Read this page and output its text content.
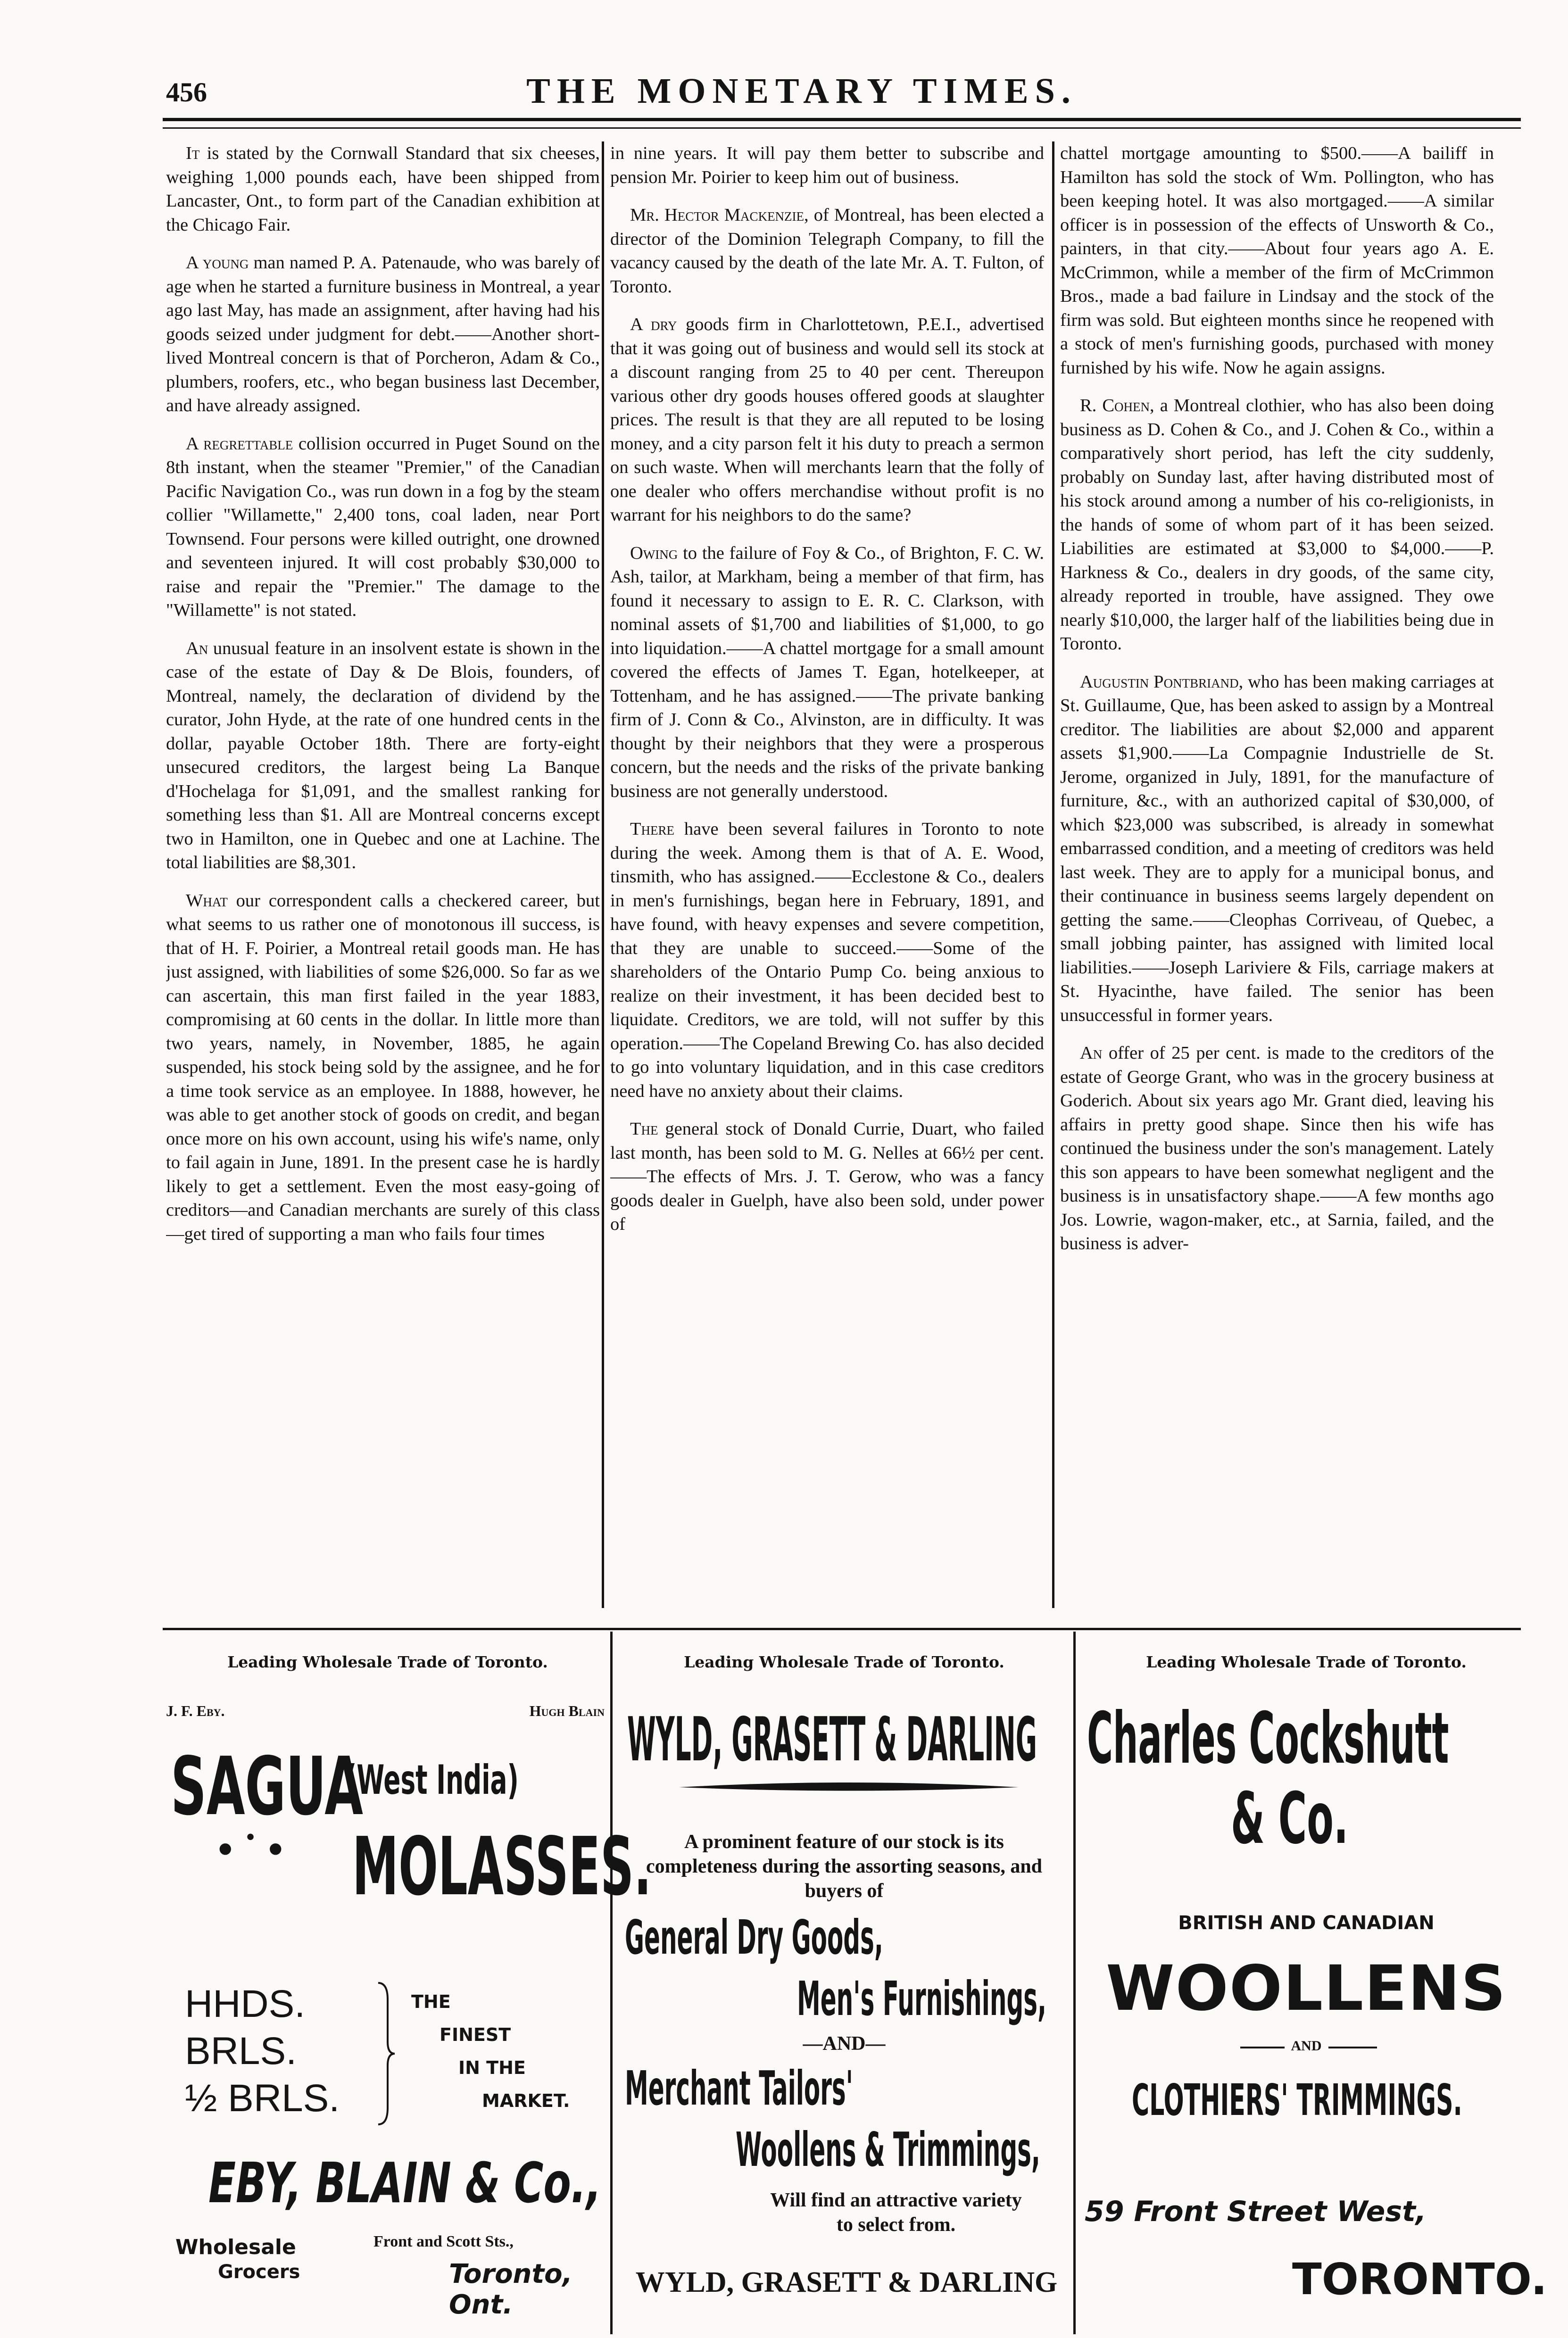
456	THE MONETARY TIMES.

It is stated by the Cornwall Standard that six cheeses, weighing 1,000 pounds each, have been shipped from Lancaster, Ont., to form part of the Canadian exhibition at the Chicago Fair.

A young man named P. A. Patenaude, who was barely of age when he started a furniture business in Montreal, a year ago last May, has made an assignment, after having had his goods seized under judgment for debt.——Another short-lived Montreal concern is that of Porcheron, Adam & Co., plumbers, roofers, etc., who began business last December, and have already assigned.

A regrettable collision occurred in Puget Sound on the 8th instant, when the steamer "Premier," of the Canadian Pacific Navigation Co., was run down in a fog by the steam collier "Willamette," 2,400 tons, coal laden, near Port Townsend. Four persons were killed outright, one drowned and seventeen injured. It will cost probably $30,000 to raise and repair the "Premier." The damage to the "Willamette" is not stated.

An unusual feature in an insolvent estate is shown in the case of the estate of Day & De Blois, founders, of Montreal, namely, the declaration of dividend by the curator, John Hyde, at the rate of one hundred cents in the dollar, payable October 18th. There are forty-eight unsecured creditors, the largest being La Banque d'Hochelaga for $1,091, and the smallest ranking for something less than $1. All are Montreal concerns except two in Hamilton, one in Quebec and one at Lachine. The total liabilities are $8,301.

What our correspondent calls a checkered career, but what seems to us rather one of monotonous ill success, is that of H. F. Poirier, a Montreal retail goods man. He has just assigned, with liabilities of some $26,000. So far as we can ascertain, this man first failed in the year 1883, compromising at 60 cents in the dollar. In little more than two years, namely, in November, 1885, he again suspended, his stock being sold by the assignee, and he for a time took service as an employee. In 1888, however, he was able to get another stock of goods on credit, and began once more on his own account, using his wife's name, only to fail again in June, 1891. In the present case he is hardly likely to get a settlement. Even the most easy-going of creditors—and Canadian merchants are surely of this class—get tired of supporting a man who fails four times

in nine years. It will pay them better to subscribe and pension Mr. Poirier to keep him out of business.

Mr. Hector Mackenzie, of Montreal, has been elected a director of the Dominion Telegraph Company, to fill the vacancy caused by the death of the late Mr. A. T. Fulton, of Toronto.

A dry goods firm in Charlottetown, P.E.I., advertised that it was going out of business and would sell its stock at a discount ranging from 25 to 40 per cent. Thereupon various other dry goods houses offered goods at slaughter prices. The result is that they are all reputed to be losing money, and a city parson felt it his duty to preach a sermon on such waste. When will merchants learn that the folly of one dealer who offers merchandise without profit is no warrant for his neighbors to do the same?

Owing to the failure of Foy & Co., of Brighton, F. C. W. Ash, tailor, at Markham, being a member of that firm, has found it necessary to assign to E. R. C. Clarkson, with nominal assets of $1,700 and liabilities of $1,000, to go into liquidation.——A chattel mortgage for a small amount covered the effects of James T. Egan, hotelkeeper, at Tottenham, and he has assigned.——The private banking firm of J. Conn & Co., Alvinston, are in difficulty. It was thought by their neighbors that they were a prosperous concern, but the needs and the risks of the private banking business are not generally understood.

There have been several failures in Toronto to note during the week. Among them is that of A. E. Wood, tinsmith, who has assigned.——Ecclestone & Co., dealers in men's furnishings, began here in February, 1891, and have found, with heavy expenses and severe competition, that they are unable to succeed.——Some of the shareholders of the Ontario Pump Co. being anxious to realize on their investment, it has been decided best to liquidate. Creditors, we are told, will not suffer by this operation.——The Copeland Brewing Co. has also decided to go into voluntary liquidation, and in this case creditors need have no anxiety about their claims.

The general stock of Donald Currie, Duart, who failed last month, has been sold to M. G. Nelles at 66½ per cent.——The effects of Mrs. J. T. Gerow, who was a fancy goods dealer in Guelph, have also been sold, under power of

chattel mortgage amounting to $500.——A bailiff in Hamilton has sold the stock of Wm. Pollington, who has been keeping hotel. It was also mortgaged.——A similar officer is in possession of the effects of Unsworth & Co., painters, in that city.——About four years ago A. E. McCrimmon, while a member of the firm of McCrimmon Bros., made a bad failure in Lindsay and the stock of the firm was sold. But eighteen months since he reopened with a stock of men's furnishing goods, purchased with money furnished by his wife. Now he again assigns.

R. Cohen, a Montreal clothier, who has also been doing business as D. Cohen & Co., and J. Cohen & Co., within a comparatively short period, has left the city suddenly, probably on Sunday last, after having distributed most of his stock around among a number of his co-religionists, in the hands of some of whom part of it has been seized. Liabilities are estimated at $3,000 to $4,000.——P. Harkness & Co., dealers in dry goods, of the same city, already reported in trouble, have assigned. They owe nearly $10,000, the larger half of the liabilities being due in Toronto.

Augustin Pontbriand, who has been making carriages at St. Guillaume, Que, has been asked to assign by a Montreal creditor. The liabilities are about $2,000 and apparent assets $1,900.——La Compagnie Industrielle de St. Jerome, organized in July, 1891, for the manufacture of furniture, &c., with an authorized capital of $30,000, of which $23,000 was subscribed, is already in somewhat embarrassed condition, and a meeting of creditors was held last week. They are to apply for a municipal bonus, and their continuance in business seems largely dependent on getting the same.——Cleophas Corriveau, of Quebec, a small jobbing painter, has assigned with limited local liabilities.——Joseph Lariviere & Fils, carriage makers at St. Hyacinthe, have failed. The senior has been unsuccessful in former years.

An offer of 25 per cent. is made to the creditors of the estate of George Grant, who was in the grocery business at Goderich. About six years ago Mr. Grant died, leaving his affairs in pretty good shape. Since then his wife has continued the business under the son's management. Lately this son appears to have been somewhat negligent and the business is in unsatisfactory shape.——A few months ago Jos. Lowrie, wagon-maker, etc., at Sarnia, failed, and the business is adver-

Leading Wholesale Trade of Toronto.	Leading Wholesale Trade of Toronto.	Leading Wholesale Trade of Toronto.
J. F. Eby.	Hugh Blain
SAGUA
(West India)
• ˙ • MOLASSES.
HHDS.
BRLS.
½ BRLS.
THE
FINEST
IN THE
MARKET.
EBY, BLAIN & Co.,
Wholesale
Grocers
Front and Scott Sts.,
Toronto, Ont.
WYLD, GRASETT & DARLING
A prominent feature of our stock is its completeness during the assorting seasons, and buyers of
General Dry Goods,
Men's Furnishings,
—AND—
Merchant Tailors'
Woollens & Trimmings,
Will find an attractive variety to select from.
WYLD, GRASETT & DARLING
Charles Cockshutt
& Co.
BRITISH AND CANADIAN
WOOLLENS
AND
CLOTHIERS' TRIMMINGS.
59 Front Street West,
TORONTO.
